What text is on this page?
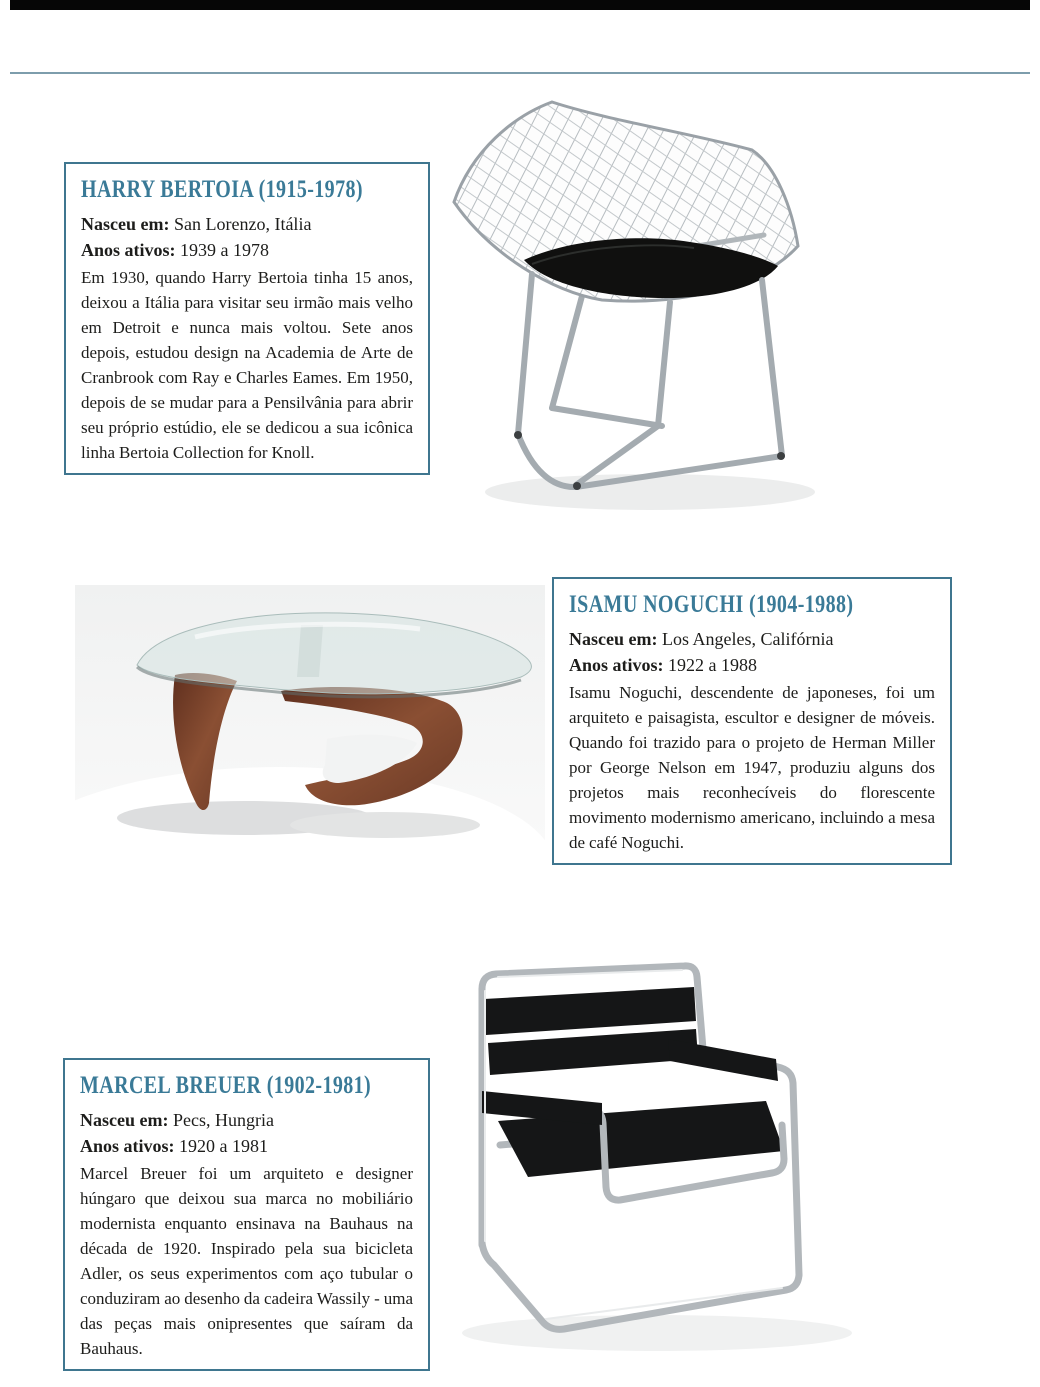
HARRY BERTOIA (1915-1978)

Nasceu em: San Lorenzo, Itália

Anos ativos: 1939 a 1978

Em 1930, quando Harry Bertoia tinha 15 anos, deixou a Itália para visitar seu irmão mais velho em Detroit e nunca mais voltou. Sete anos depois, estudou design na Academia de Arte de Cranbrook com Ray e Charles Eames. Em 1950, depois de se mudar para a Pensilvânia para abrir seu próprio estúdio, ele se dedicou a sua icônica linha Bertoia Collection for Knoll.

ISAMU NOGUCHI (1904-1988)

Nasceu em: Los Angeles, Califórnia

Anos ativos: 1922 a 1988

Isamu Noguchi, descendente de japoneses, foi um arquiteto e paisagista, escultor e designer de móveis. Quando foi trazido para o projeto de Herman Miller por George Nelson em 1947, produziu alguns dos projetos mais reconhecíveis do florescente movimento modernismo americano, incluindo a mesa de café Noguchi.

MARCEL BREUER (1902-1981)

Nasceu em: Pecs, Hungria

Anos ativos: 1920 a 1981

Marcel Breuer foi um arquiteto e designer húngaro que deixou sua marca no mobiliário modernista enquanto ensinava na Bauhaus na década de 1920. Inspirado pela sua bicicleta Adler, os seus experimentos com aço tubular o conduziram ao desenho da cadeira Wassily - uma das peças mais onipresentes que saíram da Bauhaus.
